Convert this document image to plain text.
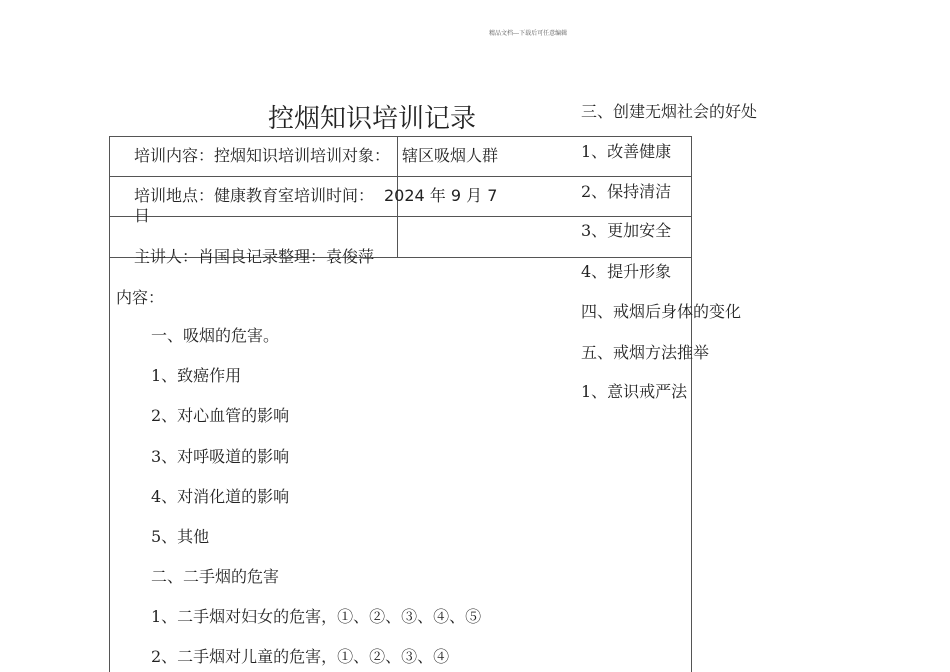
精品文档---下载后可任意编辑
控烟知识培训记录
培训内容：控烟知识培训培训对象： 辖区吸烟人群
培训地点：健康教育室培训时间： 2024 年 9 月 7
日
主讲人：肖国良记录整理：袁俊萍
内容：
一、吸烟的危害。
1、致癌作用
2、对心血管的影响
3、对呼吸道的影响
4、对消化道的影响
5、其他
二、二手烟的危害
1、二手烟对妇女的危害，①、②、③、④、⑤
2、二手烟对儿童的危害，①、②、③、④
三、创建无烟社会的好处
1、改善健康
2、保持清洁
3、更加安全
4、提升形象
四、戒烟后身体的变化
五、戒烟方法推举
1、意识戒严法
